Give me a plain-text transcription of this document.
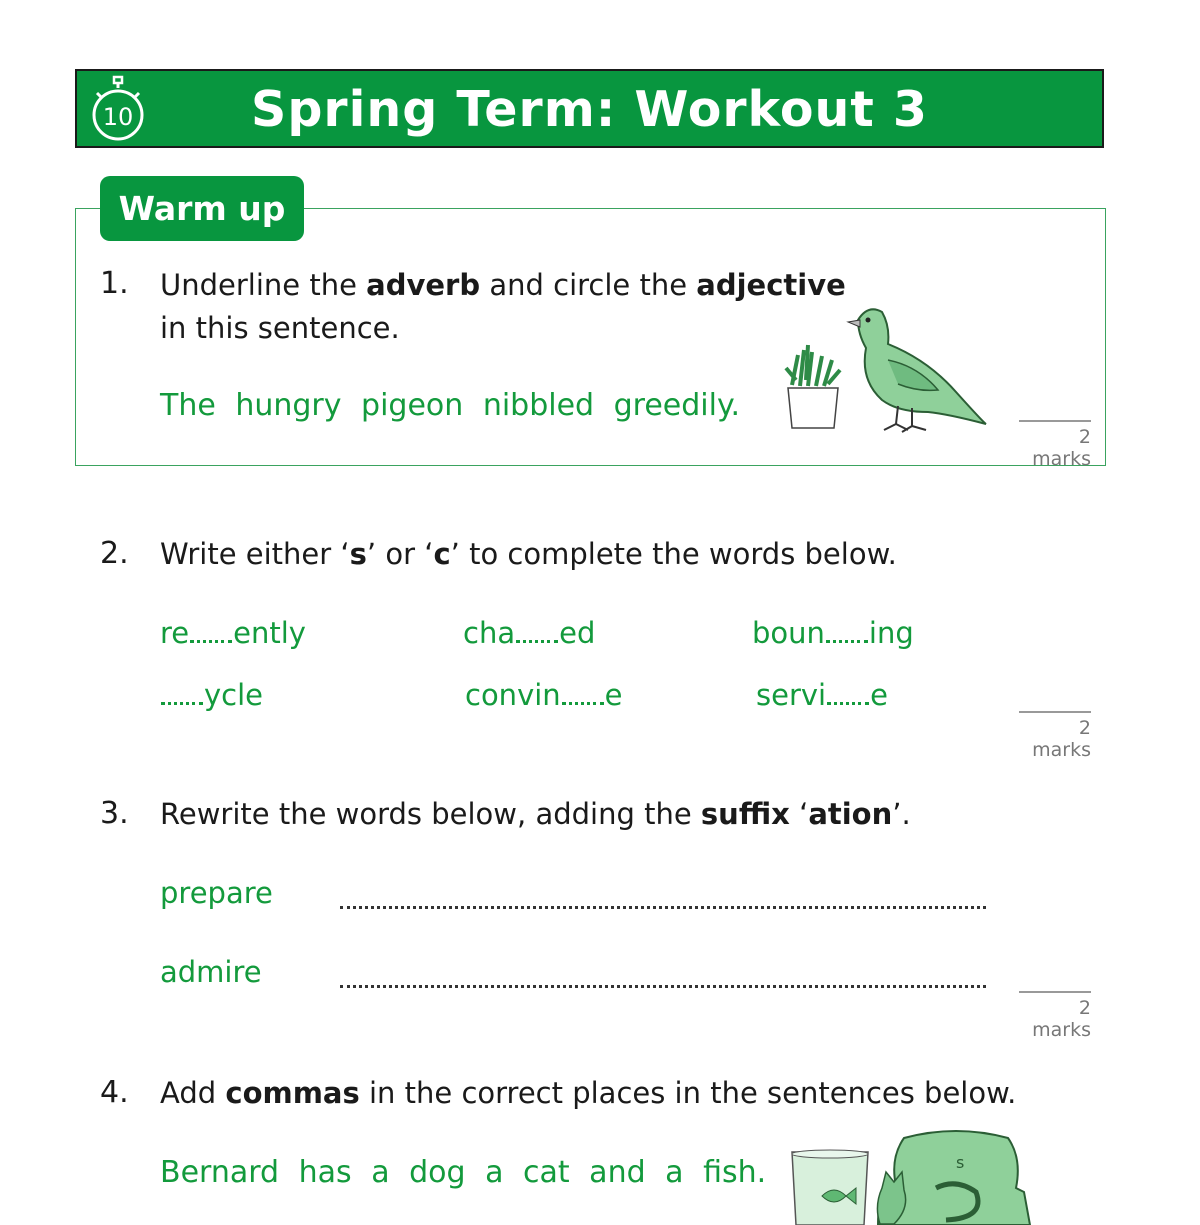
10	Spring Term: Workout 3
Warm up
1. Underline the adverb and circle the adjective
in this sentence.
The hungry pigeon nibbled greedily.
2 marks
2. Write either ‘s’ or ‘c’ to complete the words below.
re ently	cha ed	boun ing
ycle	convin e	servi e
2 marks
3. Rewrite the words below, adding the suffix ‘ation’.
prepare
admire
2 marks
4. Add commas in the correct places in the sentences below.
Bernard has a dog a cat and a fish.	s
